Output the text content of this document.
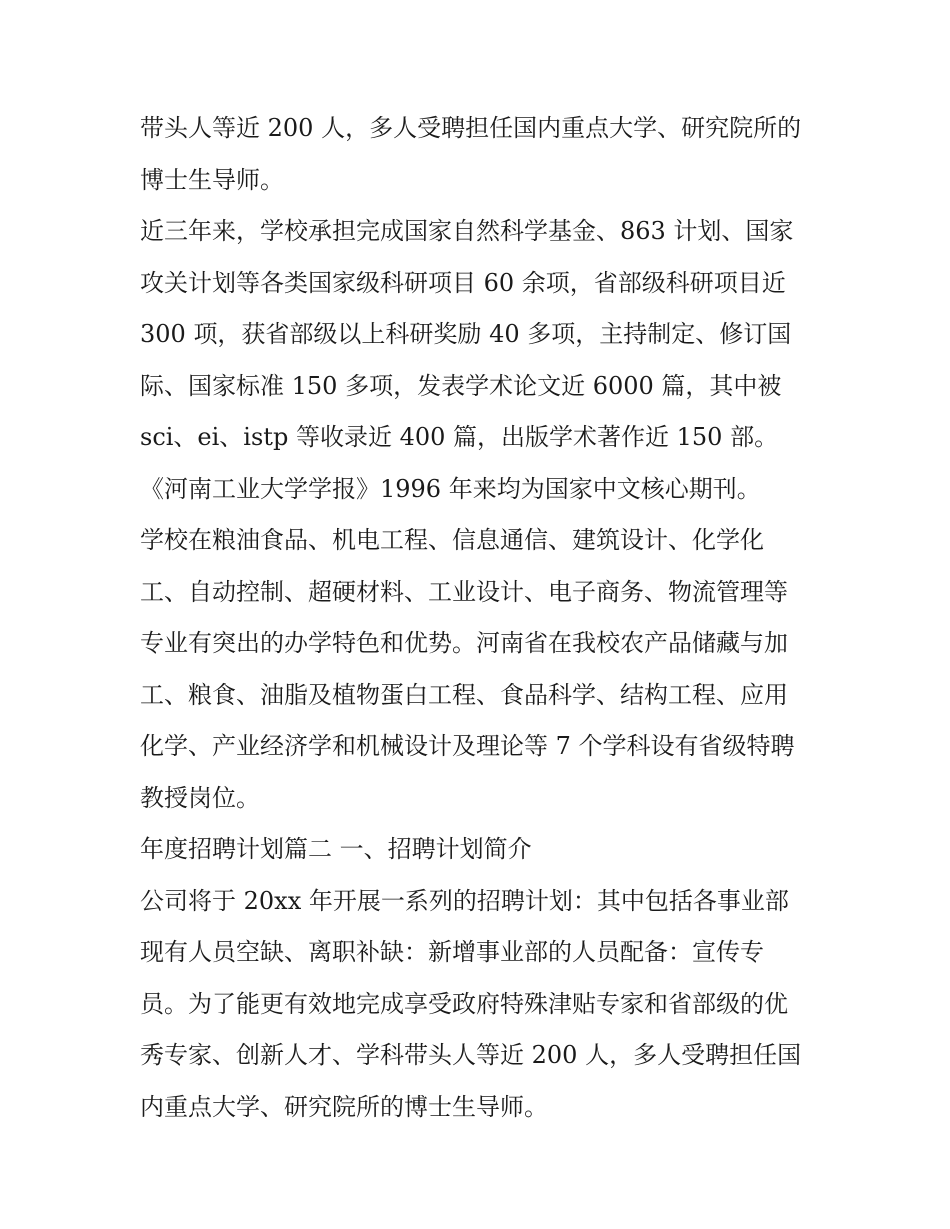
带头人等近 200 人，多人受聘担任国内重点大学、研究院所的
博士生导师。
近三年来，学校承担完成国家自然科学基金、863 计划、国家
攻关计划等各类国家级科研项目 60 余项，省部级科研项目近
300 项，获省部级以上科研奖励 40 多项，主持制定、修订国
际、国家标准 150 多项，发表学术论文近 6000 篇，其中被
sci、ei、istp 等收录近 400 篇，出版学术著作近 150 部。
《河南工业大学学报》1996 年来均为国家中文核心期刊。
学校在粮油食品、机电工程、信息通信、建筑设计、化学化
工、自动控制、超硬材料、工业设计、电子商务、物流管理等
专业有突出的办学特色和优势。河南省在我校农产品储藏与加
工、粮食、油脂及植物蛋白工程、食品科学、结构工程、应用
化学、产业经济学和机械设计及理论等 7 个学科设有省级特聘
教授岗位。
年度招聘计划篇二 一、招聘计划简介
公司将于 20xx 年开展一系列的招聘计划：其中包括各事业部
现有人员空缺、离职补缺：新增事业部的人员配备：宣传专
员。为了能更有效地完成享受政府特殊津贴专家和省部级的优
秀专家、创新人才、学科带头人等近 200 人，多人受聘担任国
内重点大学、研究院所的博士生导师。
